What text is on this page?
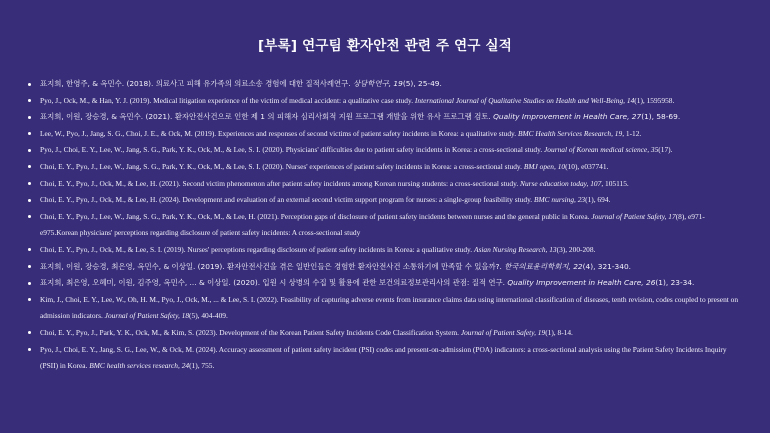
[부록] 연구팀 환자안전 관련 주 연구 실적
표지희, 한영주, & 옥민수. (2018). 의료사고 피해 유가족의 의료소송 경험에 대한 질적사례연구. 상담학연구, 19(5), 25-49.
Pyo, J., Ock, M., & Han, Y. J. (2019). Medical litigation experience of the victim of medical accident: a qualitative case study. International Journal of Qualitative Studies on Health and Well-Being, 14(1), 1595958.
표지희, 이원, 장승경, & 옥민수. (2021). 환자안전사건으로 인한 제 1 의 피해자 심리사회적 지원 프로그램 개발을 위한 유사 프로그램 검토. Quality Improvement in Health Care, 27(1), 58-69.
Lee, W., Pyo, J., Jang, S. G., Choi, J. E., & Ock, M. (2019). Experiences and responses of second victims of patient safety incidents in Korea: a qualitative study. BMC Health Services Research, 19, 1-12.
Pyo, J., Choi, E. Y., Lee, W., Jang, S. G., Park, Y. K., Ock, M., & Lee, S. I. (2020). Physicians' difficulties due to patient safety incidents in Korea: a cross-sectional study. Journal of Korean medical science, 35(17).
Choi, E. Y., Pyo, J., Lee, W., Jang, S. G., Park, Y. K., Ock, M., & Lee, S. I. (2020). Nurses' experiences of patient safety incidents in Korea: a cross-sectional study. BMJ open, 10(10), e037741.
Choi, E. Y., Pyo, J., Ock, M., & Lee, H. (2021). Second victim phenomenon after patient safety incidents among Korean nursing students: a cross-sectional study. Nurse education today, 107, 105115.
Choi, E. Y., Pyo, J., Ock, M., & Lee, H. (2024). Development and evaluation of an external second victim support program for nurses: a single-group feasibility study. BMC nursing, 23(1), 694.
Choi, E. Y., Pyo, J., Lee, W., Jang, S. G., Park, Y. K., Ock, M., & Lee, H. (2021). Perception gaps of disclosure of patient safety incidents between nurses and the general public in Korea. Journal of Patient Safety, 17(8), e971-e975.Korean physicians' perceptions regarding disclosure of patient safety incidents: A cross-sectional study
Choi, E. Y., Pyo, J., Ock, M., & Lee, S. I. (2019). Nurses' perceptions regarding disclosure of patient safety incidents in Korea: a qualitative study. Asian Nursing Research, 13(3), 200-208.
표지희, 이원, 장승경, 최은영, 옥민수, & 이상일. (2019). 환자안전사건을 겪은 일반인들은 경험한 환자안전사건 소통하기에 만족할 수 있을까?. 한국의료윤리학회지, 22(4), 321-340.
표지희, 최은영, 오혜미, 이원, 김주영, 옥민수, ... & 이상일. (2020). 입원 시 상병의 수집 및 활용에 관한 보건의료정보관리사의 관점: 질적 연구. Quality Improvement in Health Care, 26(1), 23-34.
Kim, J., Choi, E. Y., Lee, W., Oh, H. M., Pyo, J., Ock, M., ... & Lee, S. I. (2022). Feasibility of capturing adverse events from insurance claims data using international classification of diseases, tenth revision, codes coupled to present on admission indicators. Journal of Patient Safety, 18(5), 404-409.
Choi, E. Y., Pyo, J., Park, Y. K., Ock, M., & Kim, S. (2023). Development of the Korean Patient Safety Incidents Code Classification System. Journal of Patient Safety, 19(1), 8-14.
Pyo, J., Choi, E. Y., Jang, S. G., Lee, W., & Ock, M. (2024). Accuracy assessment of patient safety incident (PSI) codes and present-on-admission (POA) indicators: a cross-sectional analysis using the Patient Safety Incidents Inquiry (PSII) in Korea. BMC health services research, 24(1), 755.
